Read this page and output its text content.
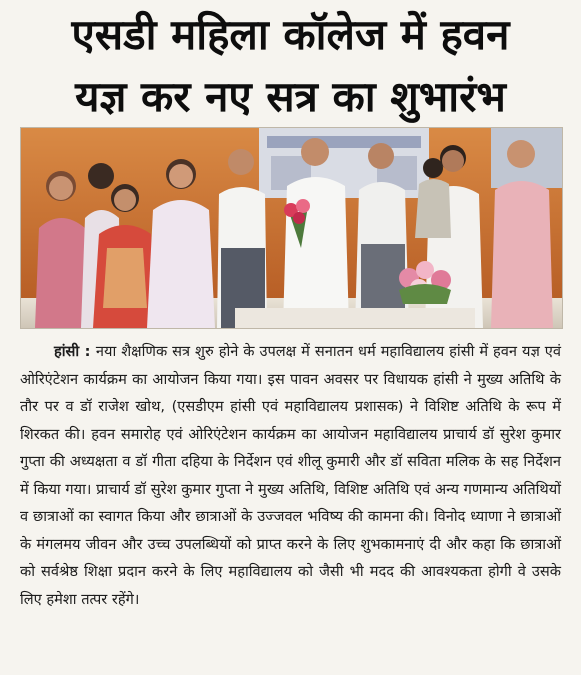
एसडी महिला कॉलेज में हवन
यज्ञ कर नए सत्र का शुभारंभ
हांसी : नया शैक्षणिक सत्र शुरु होने के उपलक्ष में सनातन धर्म महाविद्यालय हांसी में हवन यज्ञ एवं ओरिएंटेशन कार्यक्रम का आयोजन किया गया। इस पावन अवसर पर विधायक हांसी ने मुख्य अतिथि के तौर पर व डॉ राजेश खोथ, (एसडीएम हांसी एवं महाविद्यालय प्रशासक) ने विशिष्ट अतिथि के रूप में शिरकत की। हवन समारोह एवं ओरिएंटेशन कार्यक्रम का आयोजन महाविद्यालय प्राचार्य डॉ सुरेश कुमार गुप्ता की अध्यक्षता व डॉ गीता दहिया के निर्देशन एवं शीलू कुमारी और डॉ सविता मलिक के सह निर्देशन में किया गया। प्राचार्य डॉ सुरेश कुमार गुप्ता ने मुख्य अतिथि, विशिष्ट अतिथि एवं अन्य गणमान्य अतिथियों व छात्राओं का स्वागत किया और छात्राओं के उज्जवल भविष्य की कामना की। विनोद ध्याणा ने छात्राओं के मंगलमय जीवन और उच्च उपलब्धियों को प्राप्त करने के लिए शुभकामनाएं दी और कहा कि छात्राओं को सर्वश्रेष्ठ शिक्षा प्रदान करने के लिए महाविद्यालय को जैसी भी मदद की आवश्यकता होगी वे उसके लिए हमेशा तत्पर रहेंगे।
